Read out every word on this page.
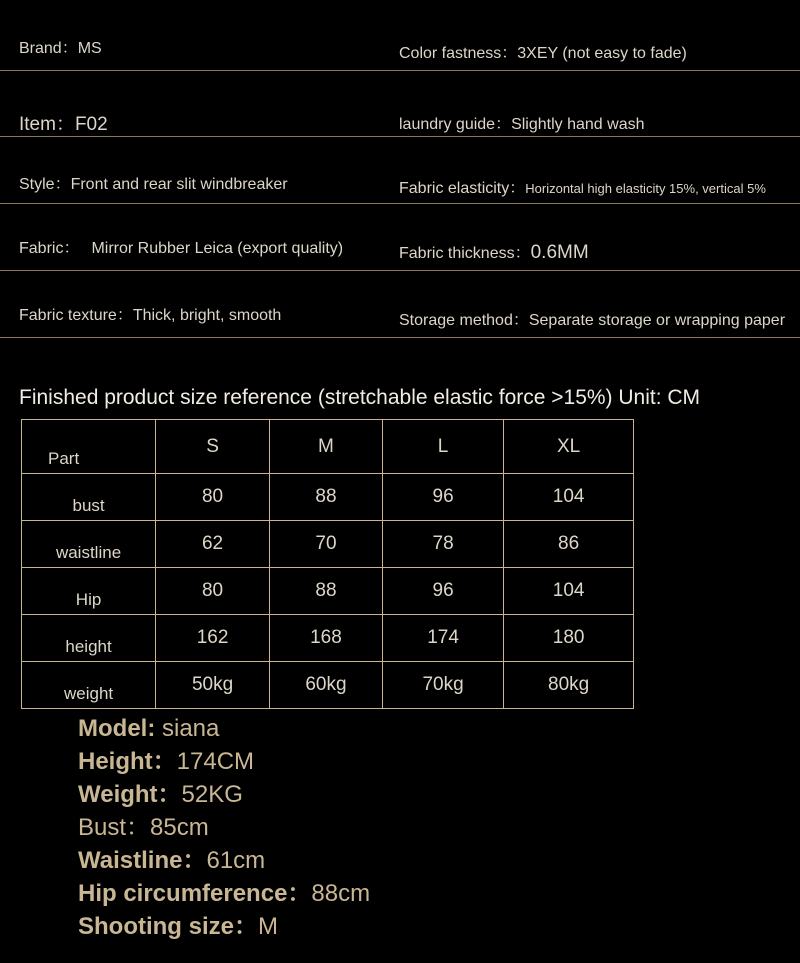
Brand：MS	Color fastness：3XEY (not easy to fade)
Item：F02	laundry guide：Slightly hand wash
Style：Front and rear slit windbreaker	Fabric elasticity：Horizontal high elasticity 15%, vertical 5%
Fabric： Mirror Rubber Leica (export quality)	Fabric thickness：0.6MM
Fabric texture：Thick, bright, smooth	Storage method：Separate storage or wrapping paper
Finished product size reference (stretchable elastic force >15%) Unit: CM
Part	S	M	L	XL
bust	80	88	96	104
waistline	62	70	78	86
Hip	80	88	96	104
height	162	168	174	180
weight	50kg	60kg	70kg	80kg
Model: siana
Height：174CM
Weight：52KG
Bust：85cm
Waistline：61cm
Hip circumference：88cm
Shooting size：M
